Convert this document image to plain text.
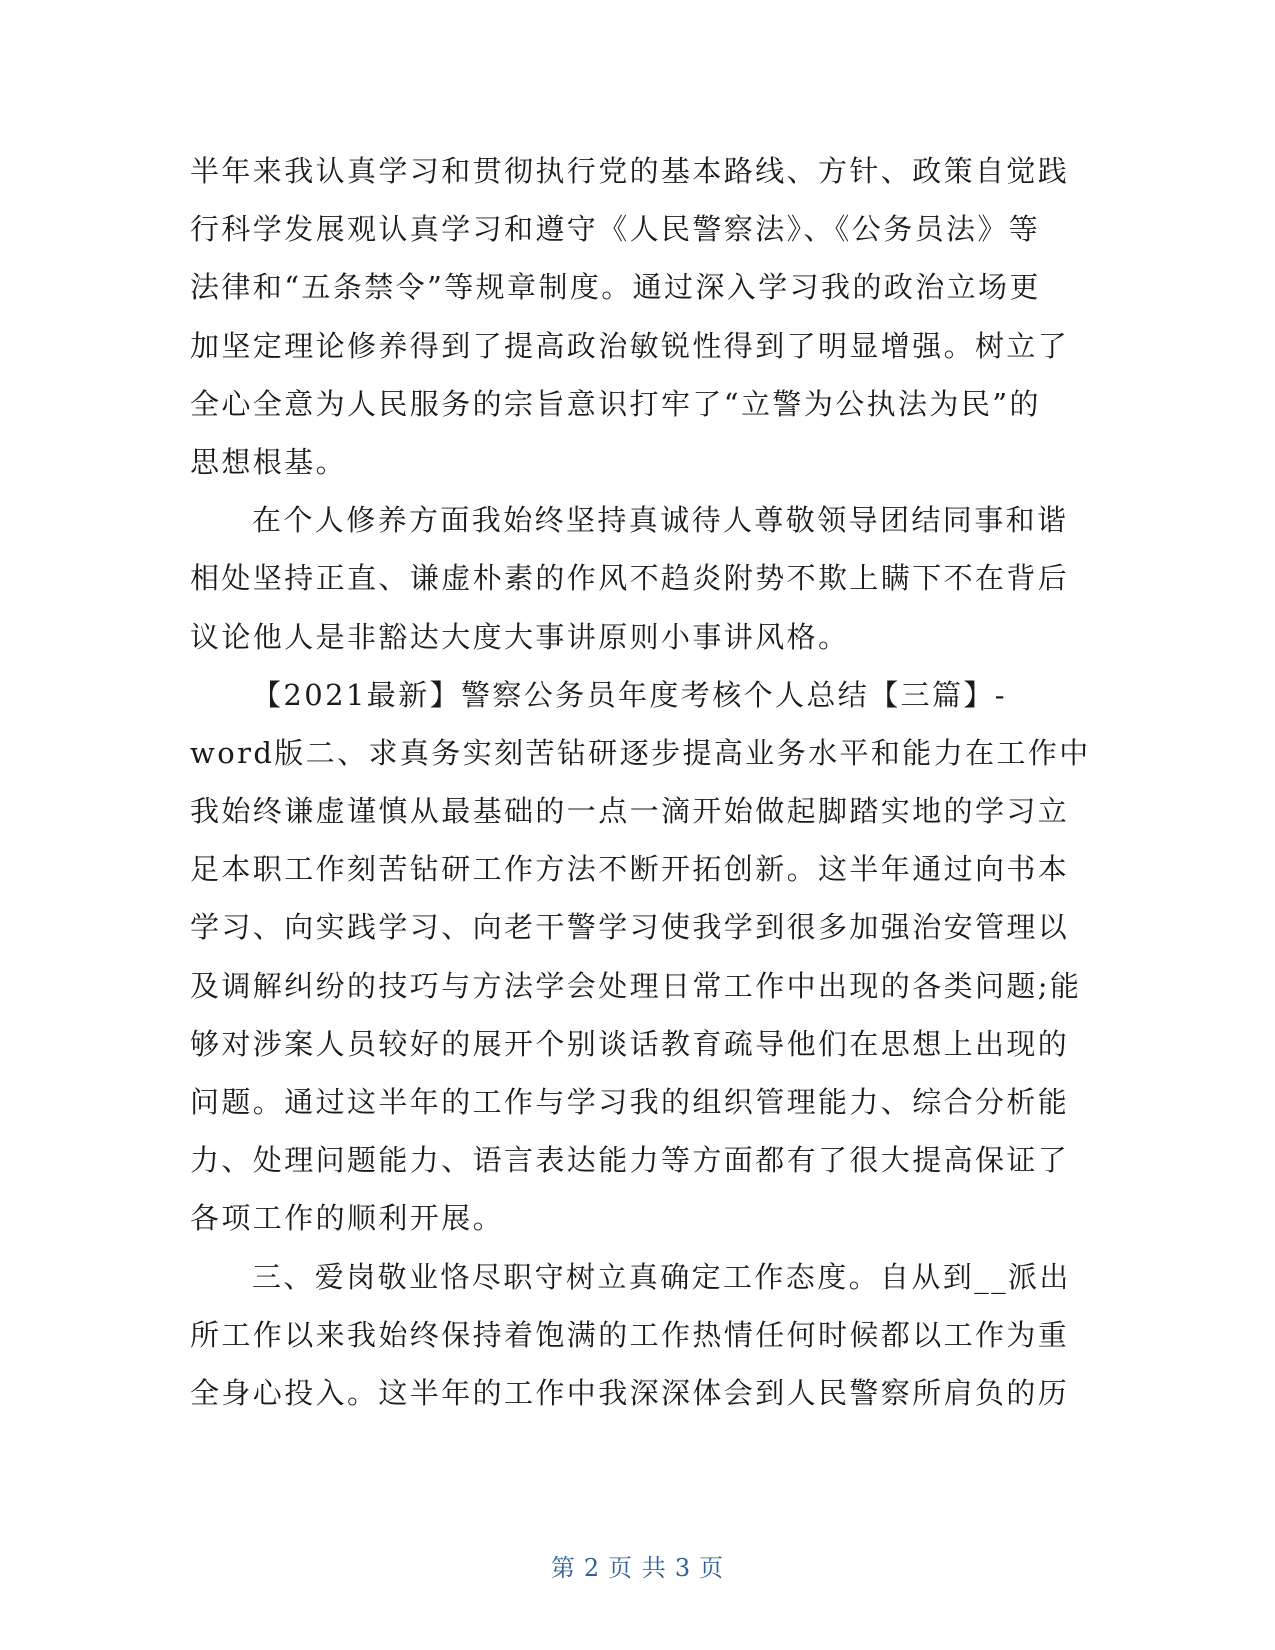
半年来我认真学习和贯彻执行党的基本路线、方针、政策自觉践
行科学发展观认真学习和遵守《人民警察法》、《公务员法》等
法律和“五条禁令”等规章制度。通过深入学习我的政治立场更
加坚定理论修养得到了提高政治敏锐性得到了明显增强。树立了
全心全意为人民服务的宗旨意识打牢了“立警为公执法为民”的
思想根基。
在个人修养方面我始终坚持真诚待人尊敬领导团结同事和谐
相处坚持正直、谦虚朴素的作风不趋炎附势不欺上瞒下不在背后
议论他人是非豁达大度大事讲原则小事讲风格。
【2021最新】警察公务员年度考核个人总结【三篇】-
word版二、求真务实刻苦钻研逐步提高业务水平和能力在工作中
我始终谦虚谨慎从最基础的一点一滴开始做起脚踏实地的学习立
足本职工作刻苦钻研工作方法不断开拓创新。这半年通过向书本
学习、向实践学习、向老干警学习使我学到很多加强治安管理以
及调解纠纷的技巧与方法学会处理日常工作中出现的各类问题;能
够对涉案人员较好的展开个别谈话教育疏导他们在思想上出现的
问题。通过这半年的工作与学习我的组织管理能力、综合分析能
力、处理问题能力、语言表达能力等方面都有了很大提高保证了
各项工作的顺利开展。
三、爱岗敬业恪尽职守树立真确定工作态度。自从到__派出
所工作以来我始终保持着饱满的工作热情任何时候都以工作为重
全身心投入。这半年的工作中我深深体会到人民警察所肩负的历
第 2 页 共 3 页
